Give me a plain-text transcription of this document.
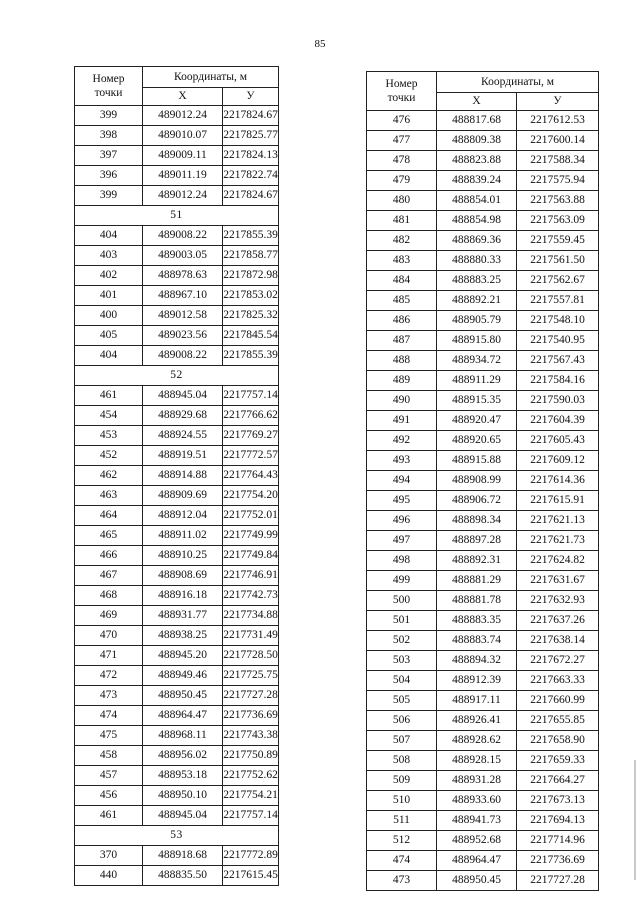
85
Номер точки	Координаты, м	
	X	У
399	489012.24	2217824.67
398	489010.07	2217825.77
397	489009.11	2217824.13
396	489011.19	2217822.74
399	489012.24	2217824.67
51		
404	489008.22	2217855.39
403	489003.05	2217858.77
402	488978.63	2217872.98
401	488967.10	2217853.02
400	489012.58	2217825.32
405	489023.56	2217845.54
404	489008.22	2217855.39
52		
461	488945.04	2217757.14
454	488929.68	2217766.62
453	488924.55	2217769.27
452	488919.51	2217772.57
462	488914.88	2217764.43
463	488909.69	2217754.20
464	488912.04	2217752.01
465	488911.02	2217749.99
466	488910.25	2217749.84
467	488908.69	2217746.91
468	488916.18	2217742.73
469	488931.77	2217734.88
470	488938.25	2217731.49
471	488945.20	2217728.50
472	488949.46	2217725.75
473	488950.45	2217727.28
474	488964.47	2217736.69
475	488968.11	2217743.38
458	488956.02	2217750.89
457	488953.18	2217752.62
456	488950.10	2217754.21
461	488945.04	2217757.14
53		
370	488918.68	2217772.89
440	488835.50	2217615.45
Номер точки	Координаты, м	
	X	У
476	488817.68	2217612.53
477	488809.38	2217600.14
478	488823.88	2217588.34
479	488839.24	2217575.94
480	488854.01	2217563.88
481	488854.98	2217563.09
482	488869.36	2217559.45
483	488880.33	2217561.50
484	488883.25	2217562.67
485	488892.21	2217557.81
486	488905.79	2217548.10
487	488915.80	2217540.95
488	488934.72	2217567.43
489	488911.29	2217584.16
490	488915.35	2217590.03
491	488920.47	2217604.39
492	488920.65	2217605.43
493	488915.88	2217609.12
494	488908.99	2217614.36
495	488906.72	2217615.91
496	488898.34	2217621.13
497	488897.28	2217621.73
498	488892.31	2217624.82
499	488881.29	2217631.67
500	488881.78	2217632.93
501	488883.35	2217637.26
502	488883.74	2217638.14
503	488894.32	2217672.27
504	488912.39	2217663.33
505	488917.11	2217660.99
506	488926.41	2217655.85
507	488928.62	2217658.90
508	488928.15	2217659.33
509	488931.28	2217664.27
510	488933.60	2217673.13
511	488941.73	2217694.13
512	488952.68	2217714.96
474	488964.47	2217736.69
473	488950.45	2217727.28
